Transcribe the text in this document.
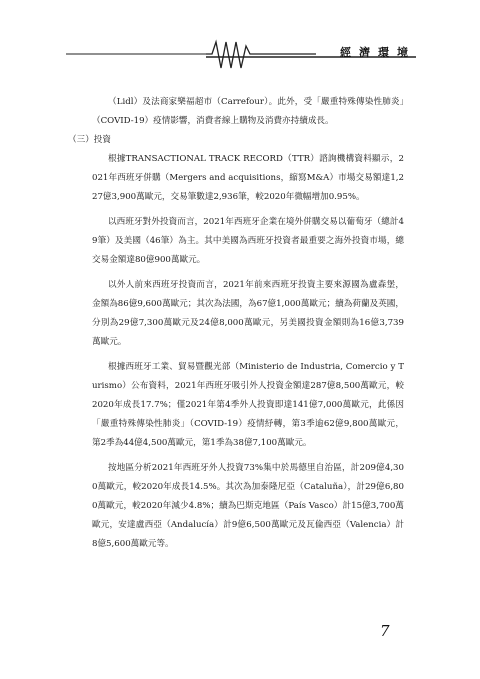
經濟環境

（Lidl）及法商家樂福超市（Carrefour）。此外，受「嚴重特殊傳染性肺炎」（COVID-19）疫情影響，消費者線上購物及消費亦持續成長。

（三）投資

根據TRANSACTIONAL TRACK RECORD（TTR）諮詢機構資料顯示，2021年西班牙併購（Mergers and acquisitions，縮寫M&A）市場交易額達1,227億3,900萬歐元，交易筆數達2,936筆，較2020年微幅增加0.95%。

以西班牙對外投資而言，2021年西班牙企業在境外併購交易以葡萄牙（總計49筆）及美國（46筆）為主。其中美國為西班牙投資者最重要之海外投資市場，總交易金額達80億900萬歐元。

以外人前來西班牙投資而言，2021年前來西班牙投資主要來源國為盧森堡，金額為86億9,600萬歐元；其次為法國，為67億1,000萬歐元；續為荷蘭及英國，分別為29億7,300萬歐元及24億8,000萬歐元，另美國投資金額則為16億3,739萬歐元。

根據西班牙工業、貿易暨觀光部（Ministerio de Industria, Comercio y Turismo）公布資料，2021年西班牙吸引外人投資金額達287億8,500萬歐元，較2020年成長17.7%；僅2021年第4季外人投資即達141億7,000萬歐元，此係因「嚴重特殊傳染性肺炎」（COVID-19）疫情紓轉，第3季逾62億9,800萬歐元，第2季為44億4,500萬歐元，第1季為38億7,100萬歐元。

按地區分析2021年西班牙外人投資73%集中於馬德里自治區，計209億4,300萬歐元，較2020年成長14.5%。其次為加泰隆尼亞（Cataluña），計29億6,800萬歐元，較2020年減少4.8%；續為巴斯克地區（País Vasco）計15億3,700萬歐元，安達盧西亞（Andalucía）計9億6,500萬歐元及瓦倫西亞（Valencia）計8億5,600萬歐元等。

7
